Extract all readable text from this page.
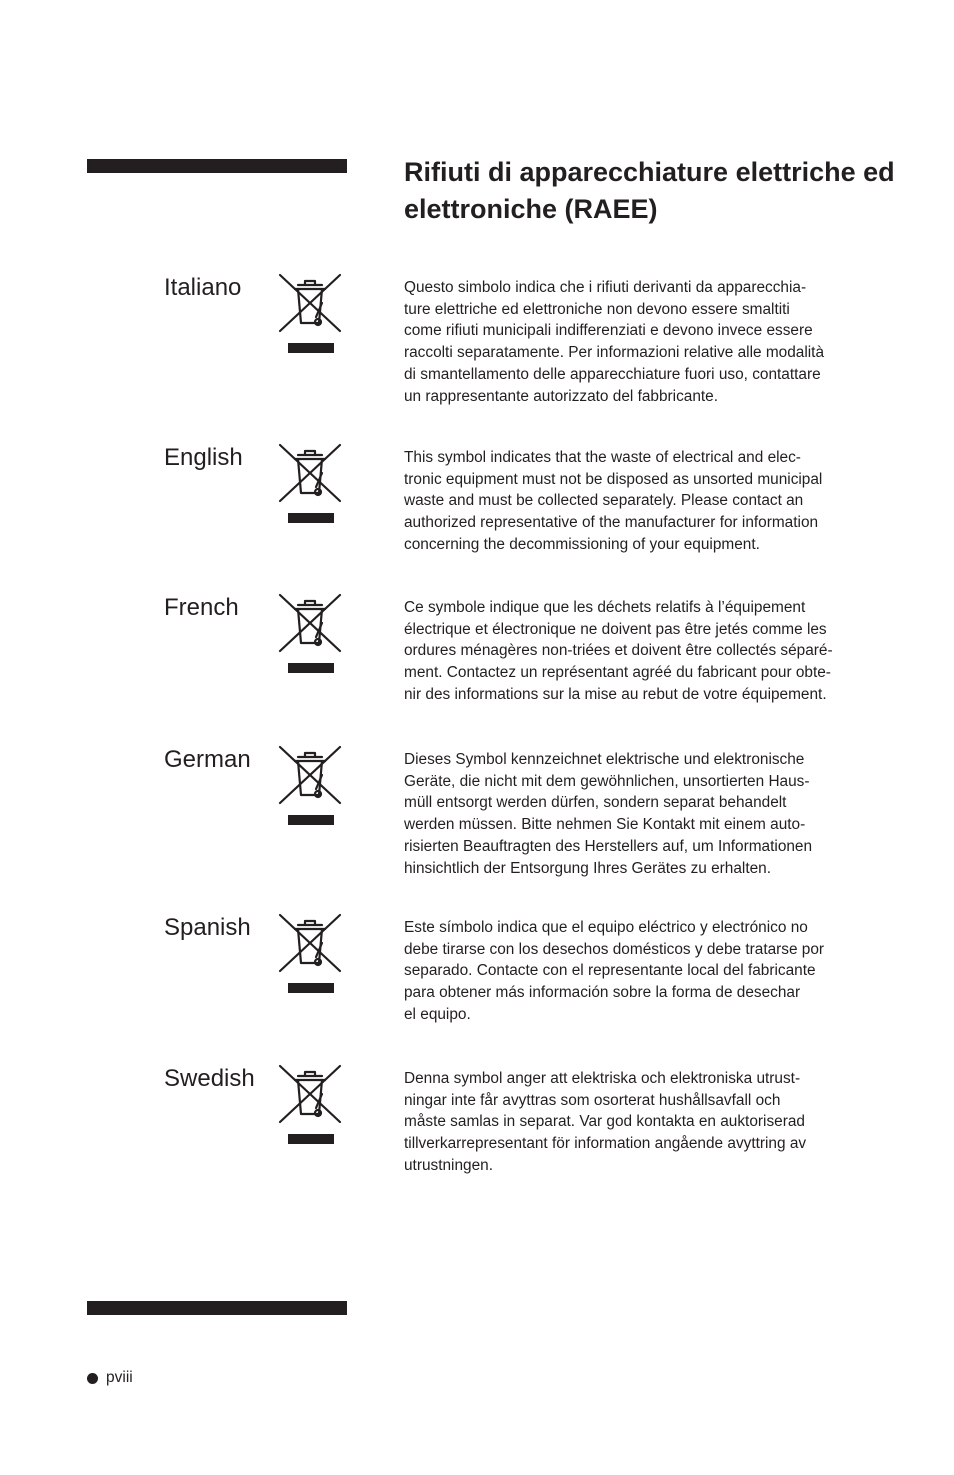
Rifiuti di apparecchiature elettriche ed elettroniche (RAEE)
Italiano	Questo simbolo indica che i rifiuti derivanti da apparecchia-

ture elettriche ed elettroniche non devono essere smaltiti

come rifiuti municipali indifferenziati e devono invece essere

raccolti separatamente. Per informazioni relative alle modalità

di smantellamento delle apparecchiature fuori uso, contattare

un rappresentante autorizzato del fabbricante.

English	This symbol indicates that the waste of electrical and elec-

tronic equipment must not be disposed as unsorted municipal

waste and must be collected separately. Please contact an

authorized representative of the manufacturer for information

concerning the decommissioning of your equipment.

French	Ce symbole indique que les déchets relatifs à l’équipement

électrique et électronique ne doivent pas être jetés comme les

ordures ménagères non-triées et doivent être collectés séparé-

ment. Contactez un représentant agréé du fabricant pour obte-

nir des informations sur la mise au rebut de votre équipement.

German	Dieses Symbol kennzeichnet elektrische und elektronische

Geräte, die nicht mit dem gewöhnlichen, unsortierten Haus-

müll entsorgt werden dürfen, sondern separat behandelt

werden müssen. Bitte nehmen Sie Kontakt mit einem auto-

risierten Beauftragten des Herstellers auf, um Informationen

hinsichtlich der Entsorgung Ihres Gerätes zu erhalten.

Spanish	Este símbolo indica que el equipo eléctrico y electrónico no

debe tirarse con los desechos domésticos y debe tratarse por

separado. Contacte con el representante local del fabricante

para obtener más información sobre la forma de desechar

el equipo.

Swedish	Denna symbol anger att elektriska och elektroniska utrust-

ningar inte får avyttras som osorterat hushållsavfall och

måste samlas in separat. Var god kontakta en auktoriserad

tillverkarrepresentant för information angående avyttring av

utrustningen.

pviii
